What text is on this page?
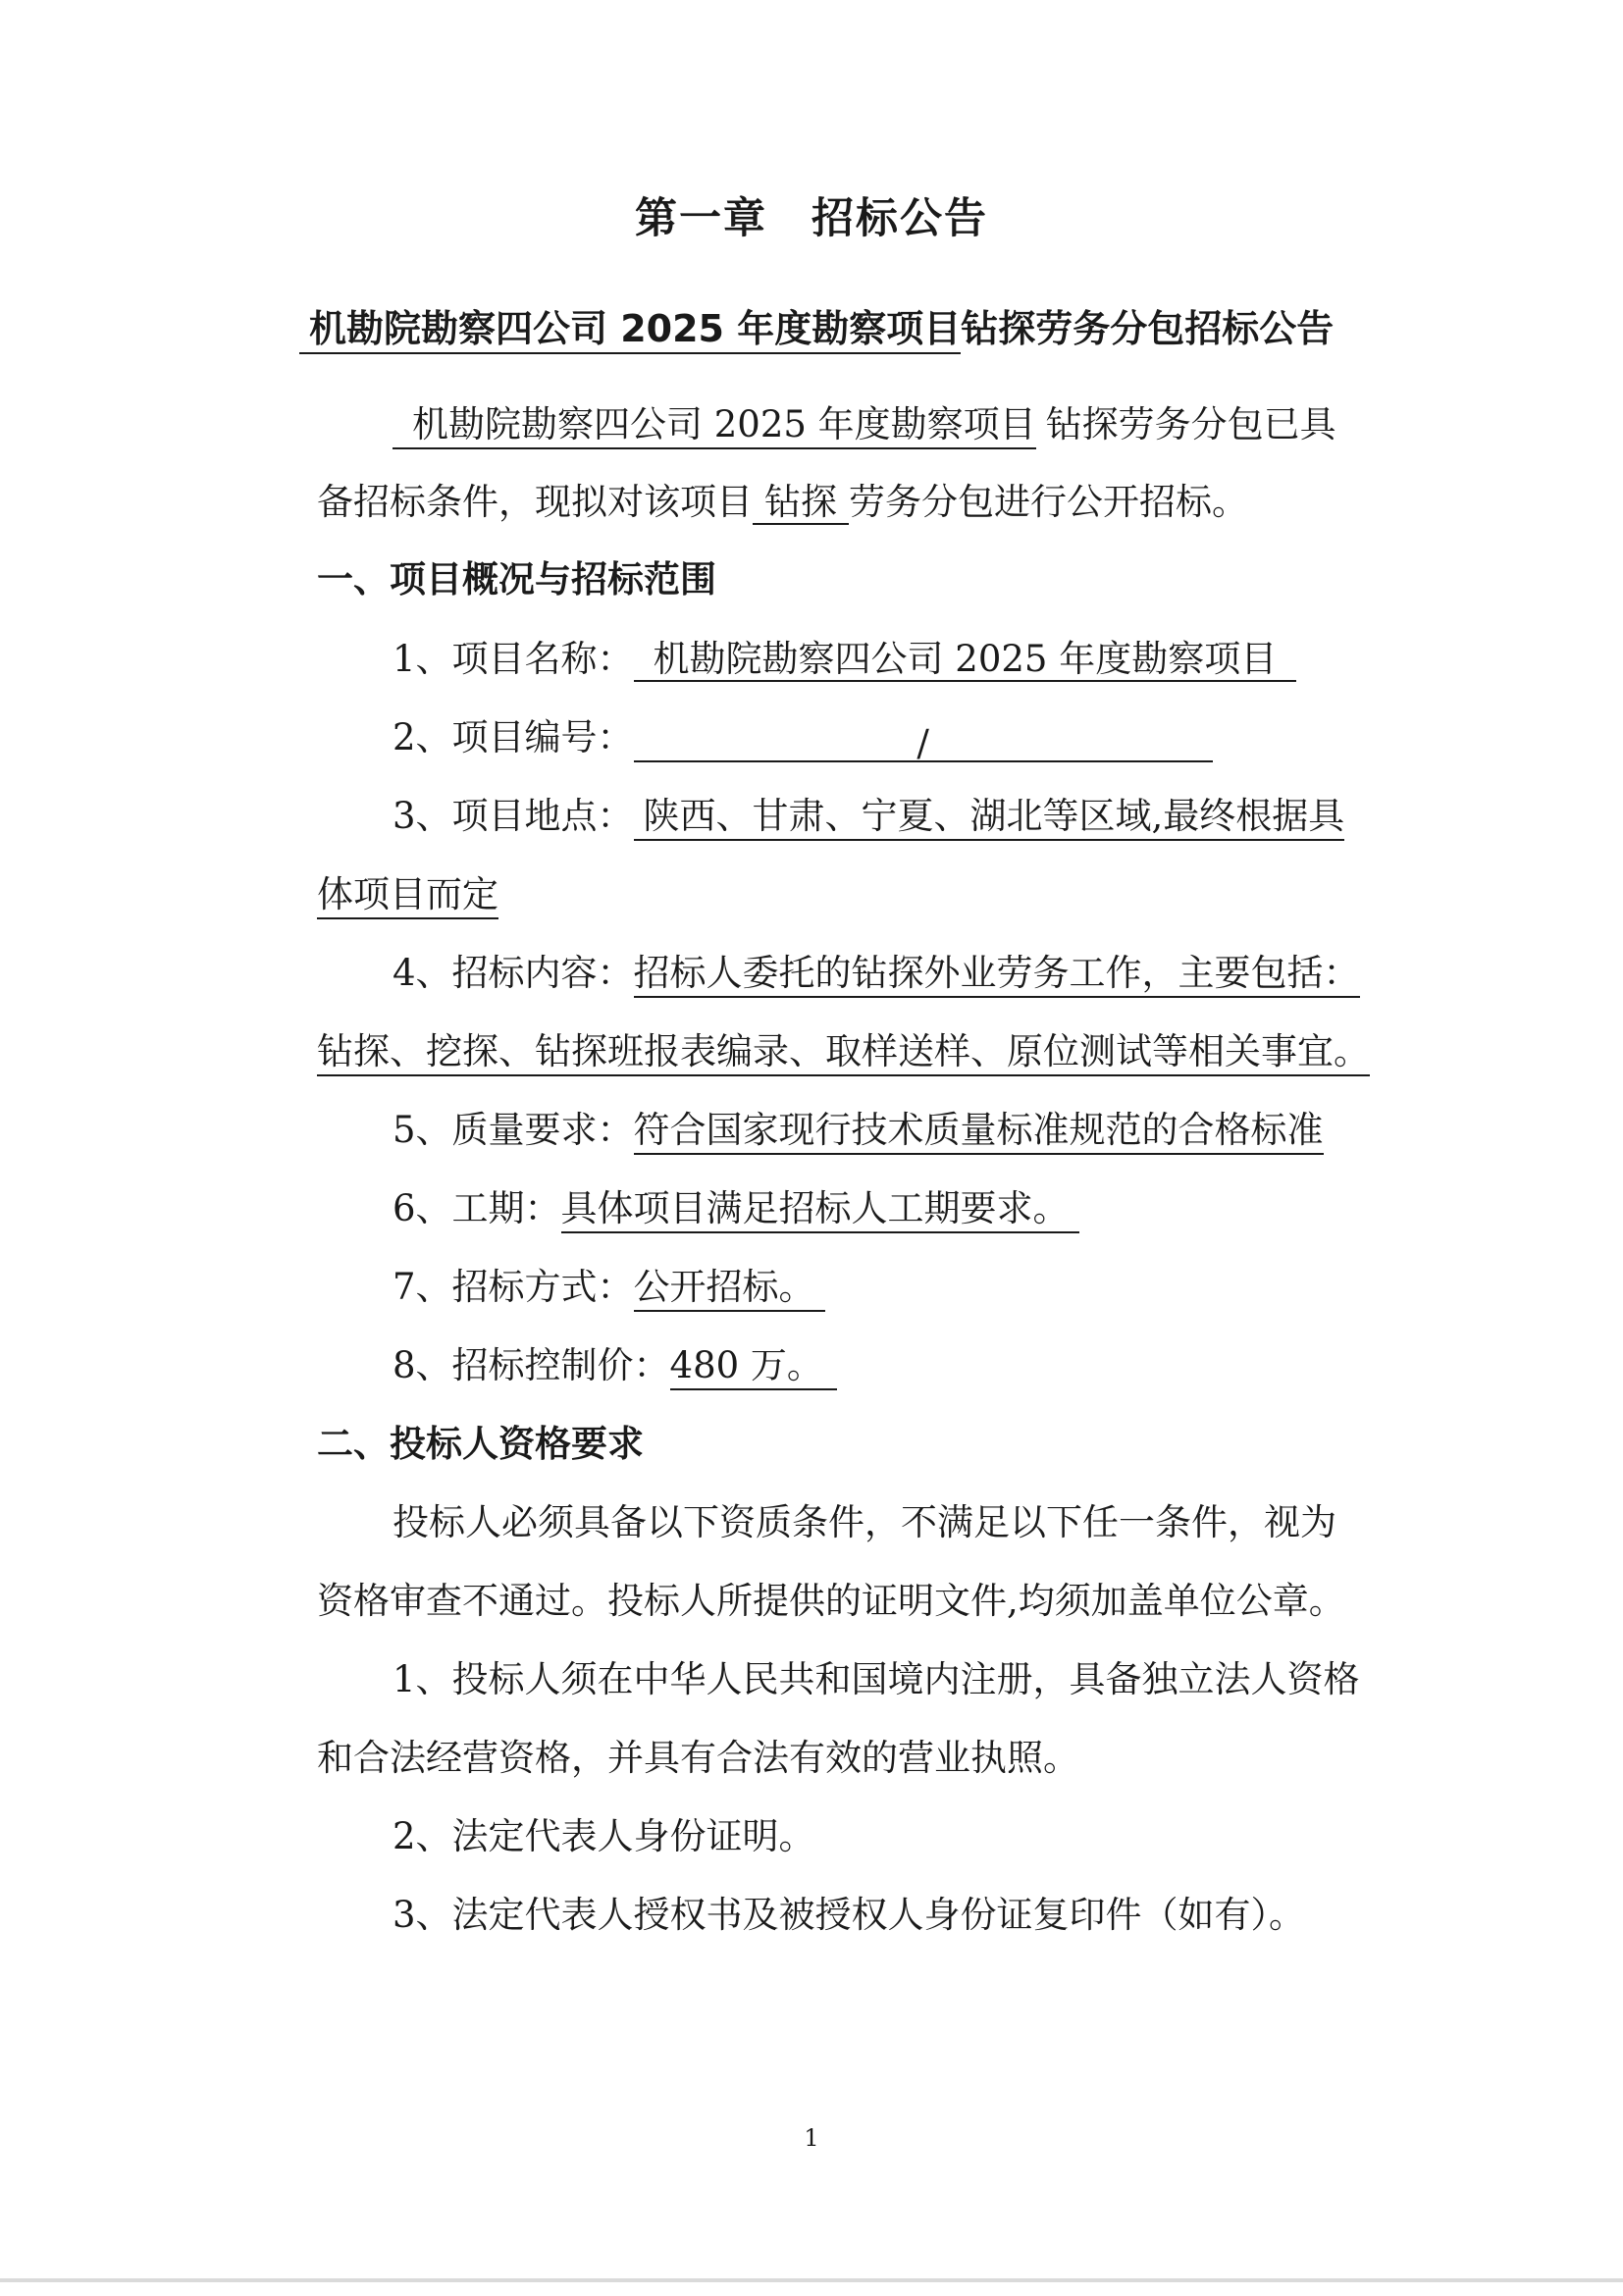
第一章　招标公告
机勘院勘察四公司 2025 年度勘察项目钻探劳务分包招标公告
机勘院勘察四公司 2025 年度勘察项目 钻探劳务分包已具
备招标条件，现拟对该项目 钻探 劳务分包进行公开招标。
一、项目概况与招标范围
1、项目名称： 机勘院勘察四公司 2025 年度勘察项目
2、项目编号：	/
3、项目地点： 陕西、甘肃、宁夏、湖北等区域,最终根据具
体项目而定
4、招标内容：招标人委托的钻探外业劳务工作，主要包括：
钻探、挖探、钻探班报表编录、取样送样、原位测试等相关事宜。
5、质量要求：符合国家现行技术质量标准规范的合格标准
6、工期：具体项目满足招标人工期要求。
7、招标方式：公开招标。
8、招标控制价：480 万。
二、投标人资格要求
投标人必须具备以下资质条件，不满足以下任一条件，视为
资格审查不通过。投标人所提供的证明文件,均须加盖单位公章。
1、投标人须在中华人民共和国境内注册，具备独立法人资格
和合法经营资格，并具有合法有效的营业执照。
2、法定代表人身份证明。
3、法定代表人授权书及被授权人身份证复印件（如有）。
1
